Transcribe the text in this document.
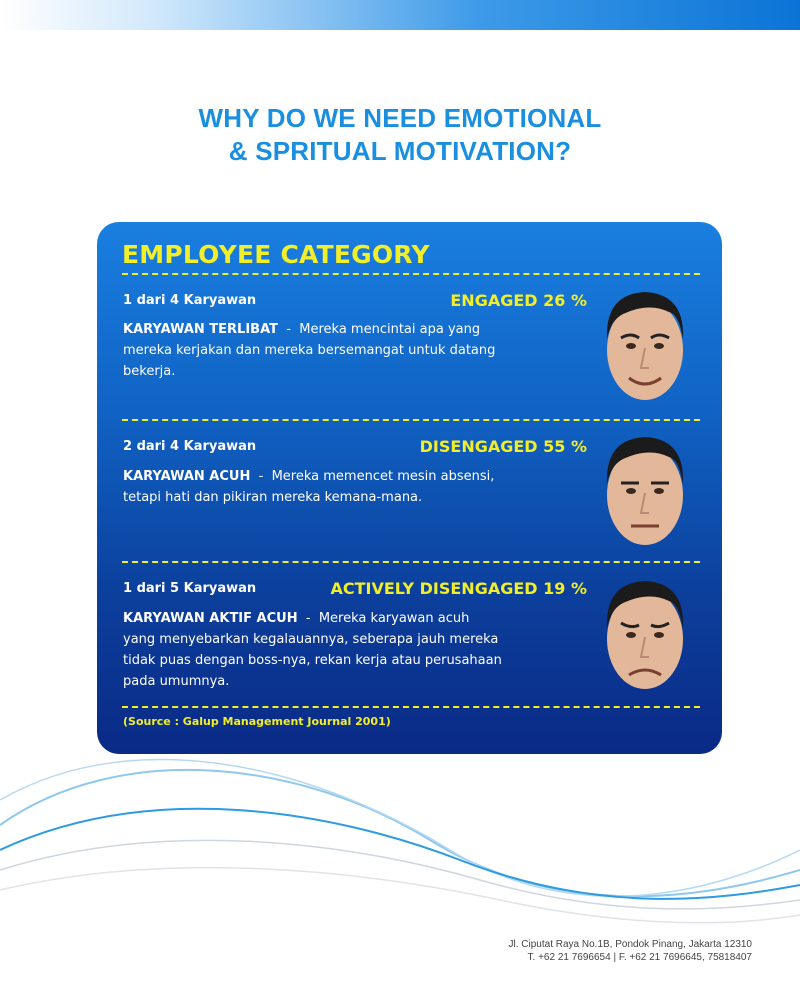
WHY DO WE NEED EMOTIONAL
& SPRITUAL MOTIVATION?
EMPLOYEE CATEGORY
1 dari 4 Karyawan	ENGAGED 26 %
KARYAWAN TERLIBAT  -  Mereka mencintai apa yang mereka kerjakan dan mereka bersemangat untuk datang bekerja.
2 dari 4 Karyawan	DISENGAGED 55 %
KARYAWAN ACUH  -  Mereka memencet mesin absensi, tetapi hati dan pikiran mereka kemana-mana.
1 dari 5 Karyawan	ACTIVELY DISENGAGED 19 %
KARYAWAN AKTIF ACUH  -  Mereka karyawan acuh yang menyebarkan kegalauannya, seberapa jauh mereka tidak puas dengan boss-nya, rekan kerja atau perusahaan pada umumnya.
(Source : Galup Management Journal 2001)
Jl. Ciputat Raya No.1B, Pondok Pinang, Jakarta 12310
T. +62 21 7696654 | F. +62 21 7696645, 75818407
